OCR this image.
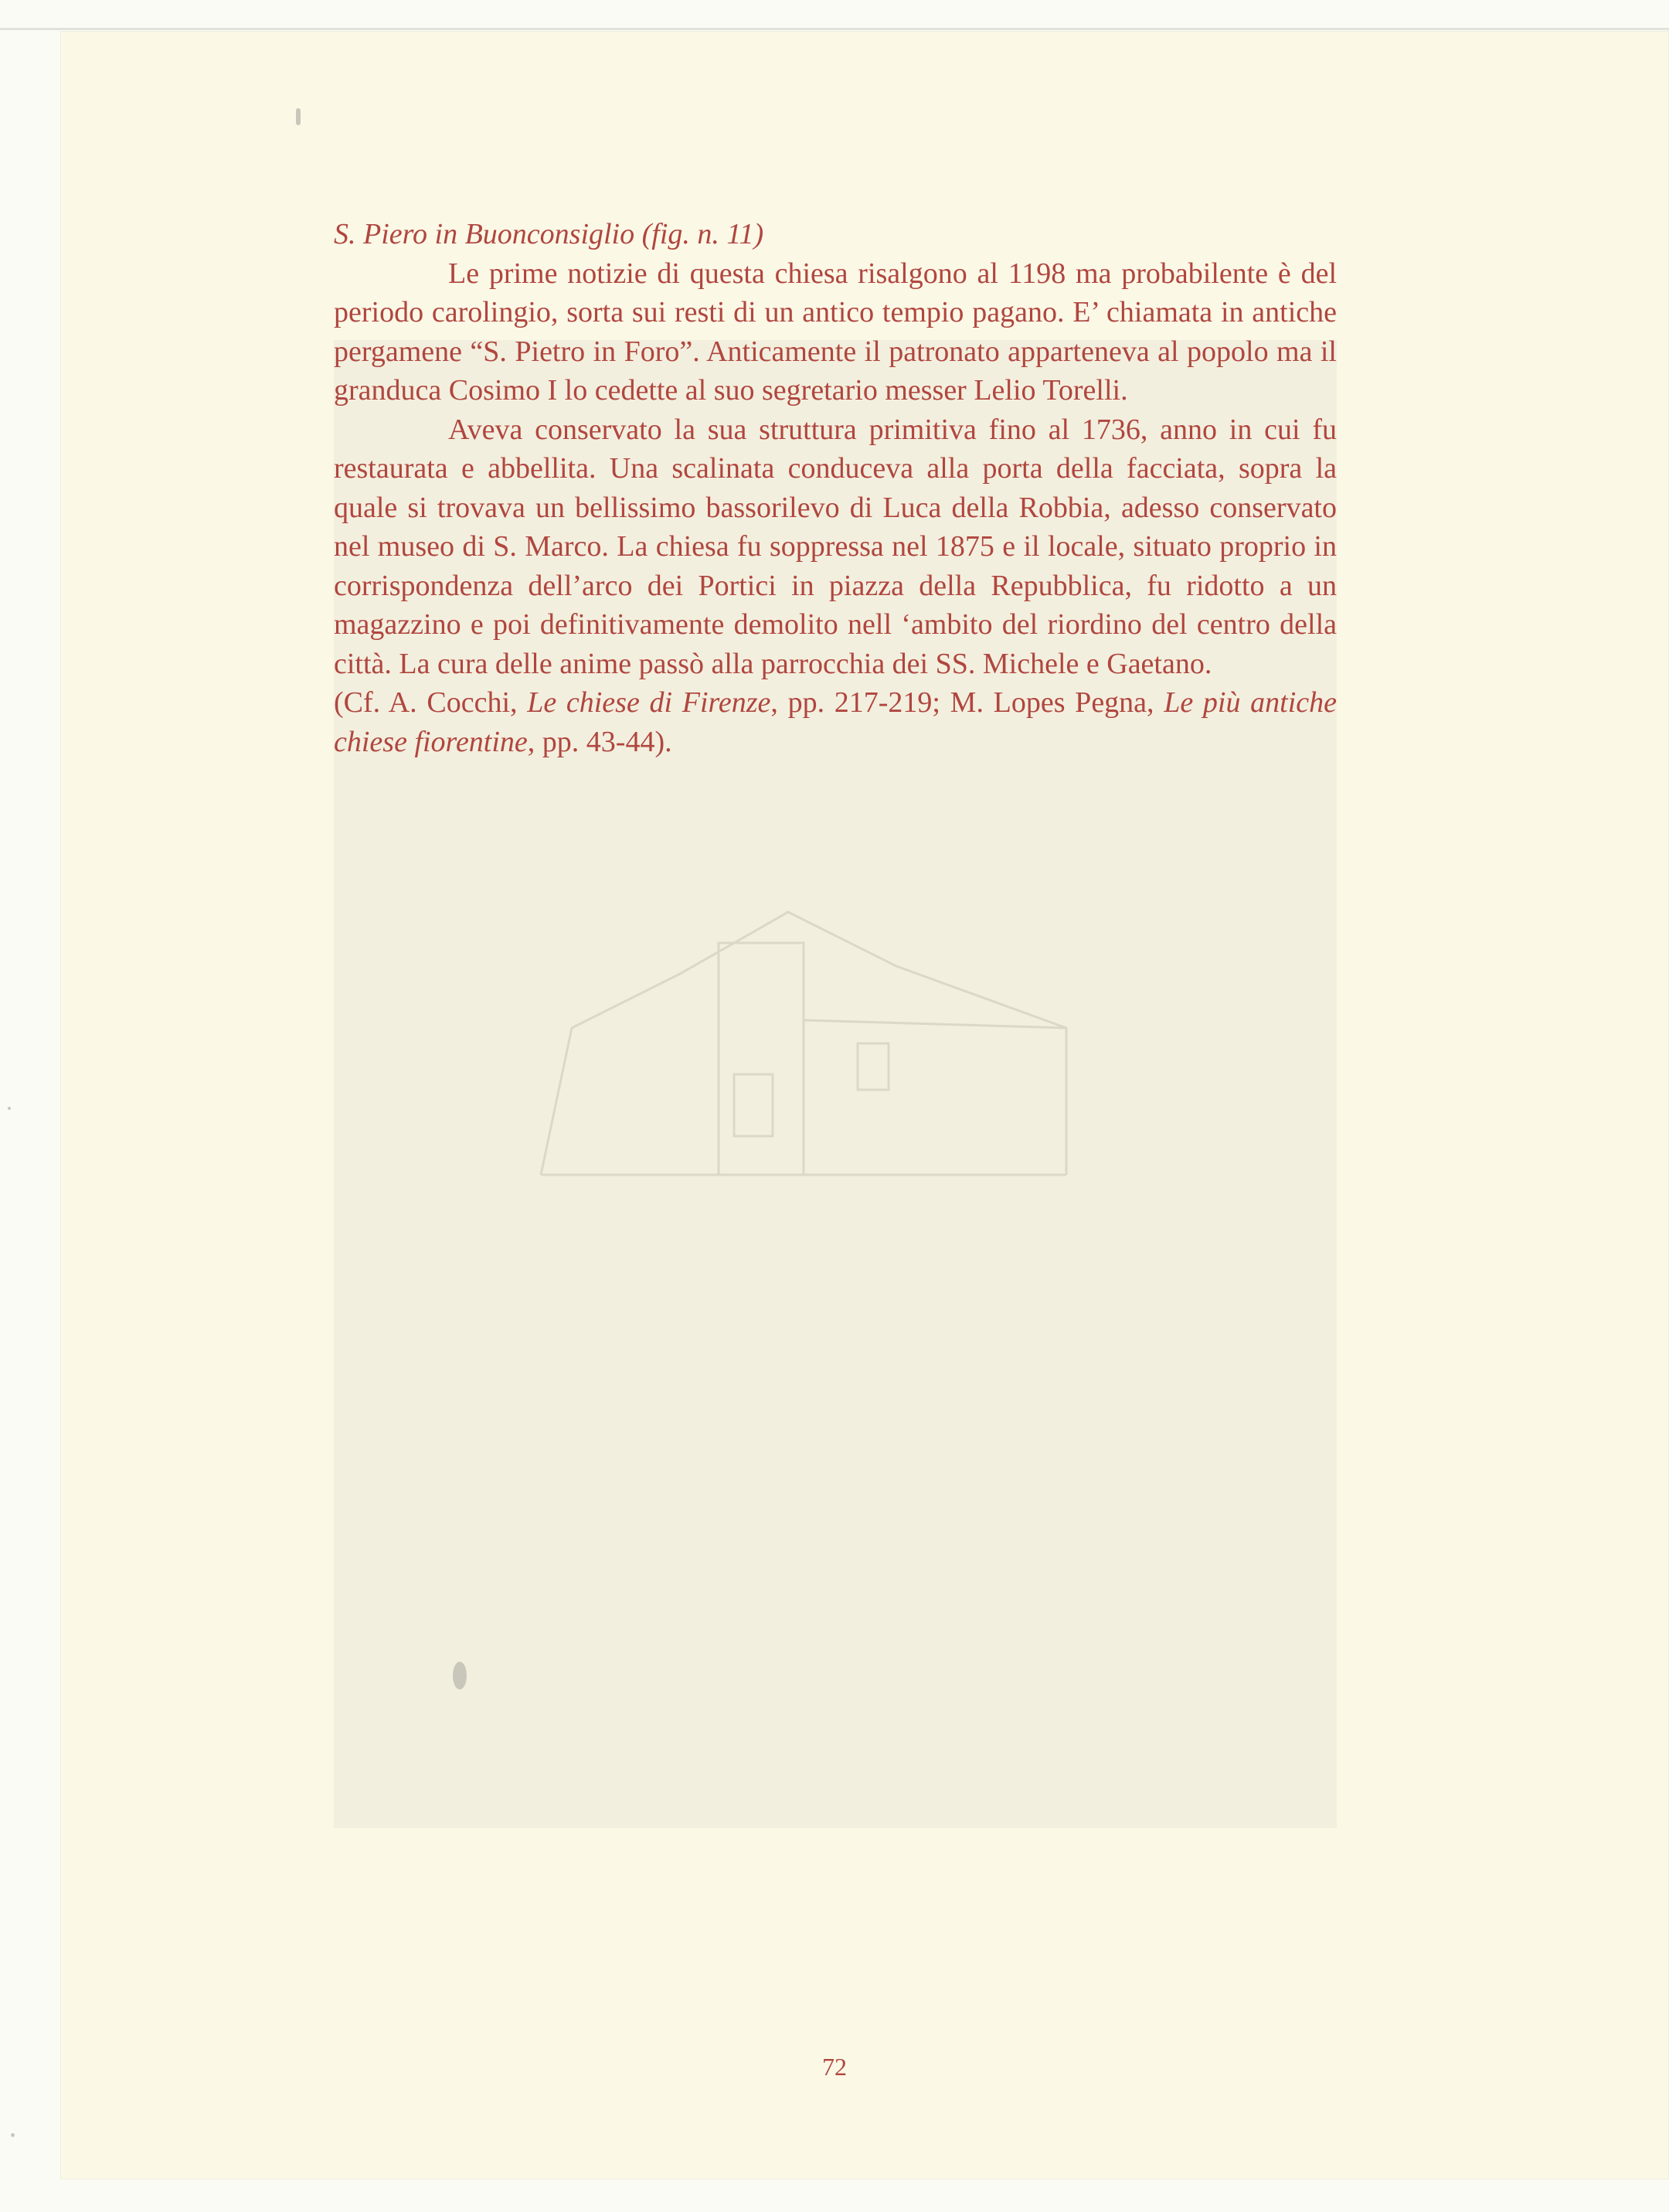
S. Piero in Buonconsiglio (fig. n. 11)

Le prime notizie di questa chiesa risalgono al 1198 ma probabilente è del periodo carolingio, sorta sui resti di un antico tempio pagano. E’ chiamata in antiche pergamene “S. Pietro in Foro”. Anticamente il patronato apparteneva al popolo ma il granduca Cosimo I lo cedette al suo segretario messer Lelio Torelli.

Aveva conservato la sua struttura primitiva fino al 1736, anno in cui fu restaurata e abbellita. Una scalinata conduceva alla porta della facciata, sopra la quale si trovava un bellissimo bassorilevo di Luca della Robbia, adesso conservato nel museo di S. Marco. La chiesa fu soppressa nel 1875 e il locale, situato proprio in corrispondenza dell’arco dei Portici in piazza della Repubblica, fu ridotto a un magazzino e poi definitivamente demolito nell ‘ambito del riordino del centro della città. La cura delle anime passò alla parrocchia dei SS. Michele e Gaetano.

(Cf. A. Cocchi, Le chiese di Firenze, pp. 217-219; M. Lopes Pegna, Le più antiche chiese fiorentine, pp. 43-44).

72
